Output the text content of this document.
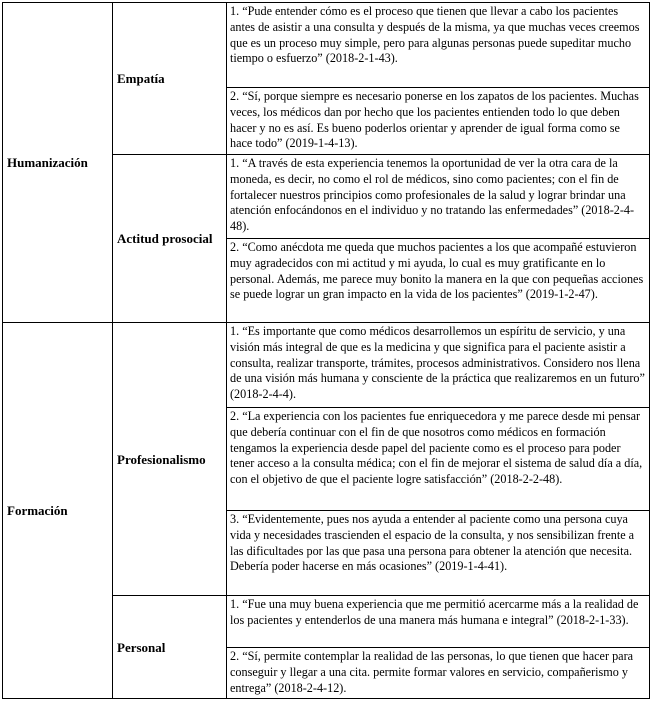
Humanización	Empatía	1. “Pude entender cómo es el proceso que tienen que llevar a cabo los pacientes antes de asistir a una consulta y después de la misma, ya que muchas veces creemos que es un proceso muy simple, pero para algunas personas puede supeditar mucho tiempo o esfuerzo” (2018-2-1-43).
		2. “Sí, porque siempre es necesario ponerse en los zapatos de los pacientes. Muchas veces, los médicos dan por hecho que los pacientes entienden todo lo que deben hacer y no es así. Es bueno poderlos orientar y aprender de igual forma como se hace todo” (2019-1-4-13).
	Actitud prosocial	1. “A través de esta experiencia tenemos la oportunidad de ver la otra cara de la moneda, es decir, no como el rol de médicos, sino como pacientes; con el fin de fortalecer nuestros principios como profesionales de la salud y lograr brindar una atención enfocándonos en el individuo y no tratando las enfermedades” (2018-2-4-48).
		2. “Como anécdota me queda que muchos pacientes a los que acompañé estuvieron muy agradecidos con mi actitud y mi ayuda, lo cual es muy gratificante en lo personal. Además, me parece muy bonito la manera en la que con pequeñas acciones se puede lograr un gran impacto en la vida de los pacientes” (2019-1-2-47).
Formación	Profesionalismo	1. “Es importante que como médicos desarrollemos un espíritu de servicio, y una visión más integral de que es la medicina y que significa para el paciente asistir a consulta, realizar transporte, trámites, procesos administrativos. Considero nos llena de una visión más humana y consciente de la práctica que realizaremos en un futuro” (2018-2-4-4).
		2. “La experiencia con los pacientes fue enriquecedora y me parece desde mi pensar que debería continuar con el fin de que nosotros como médicos en formación tengamos la experiencia desde papel del paciente como es el proceso para poder tener acceso a la consulta médica; con el fin de mejorar el sistema de salud día a día, con el objetivo de que el paciente logre satisfacción” (2018-2-2-48).
		3. “Evidentemente, pues nos ayuda a entender al paciente como una persona cuya vida y necesidades trascienden el espacio de la consulta, y nos sensibilizan frente a las dificultades por las que pasa una persona para obtener la atención que necesita. Debería poder hacerse en más ocasiones” (2019-1-4-41).
	Personal	1. “Fue una muy buena experiencia que me permitió acercarme más a la realidad de los pacientes y entenderlos de una manera más humana e integral” (2018-2-1-33).
		2. “Sí, permite contemplar la realidad de las personas, lo que tienen que hacer para conseguir y llegar a una cita. permite formar valores en servicio, compañerismo y entrega” (2018-2-4-12).
